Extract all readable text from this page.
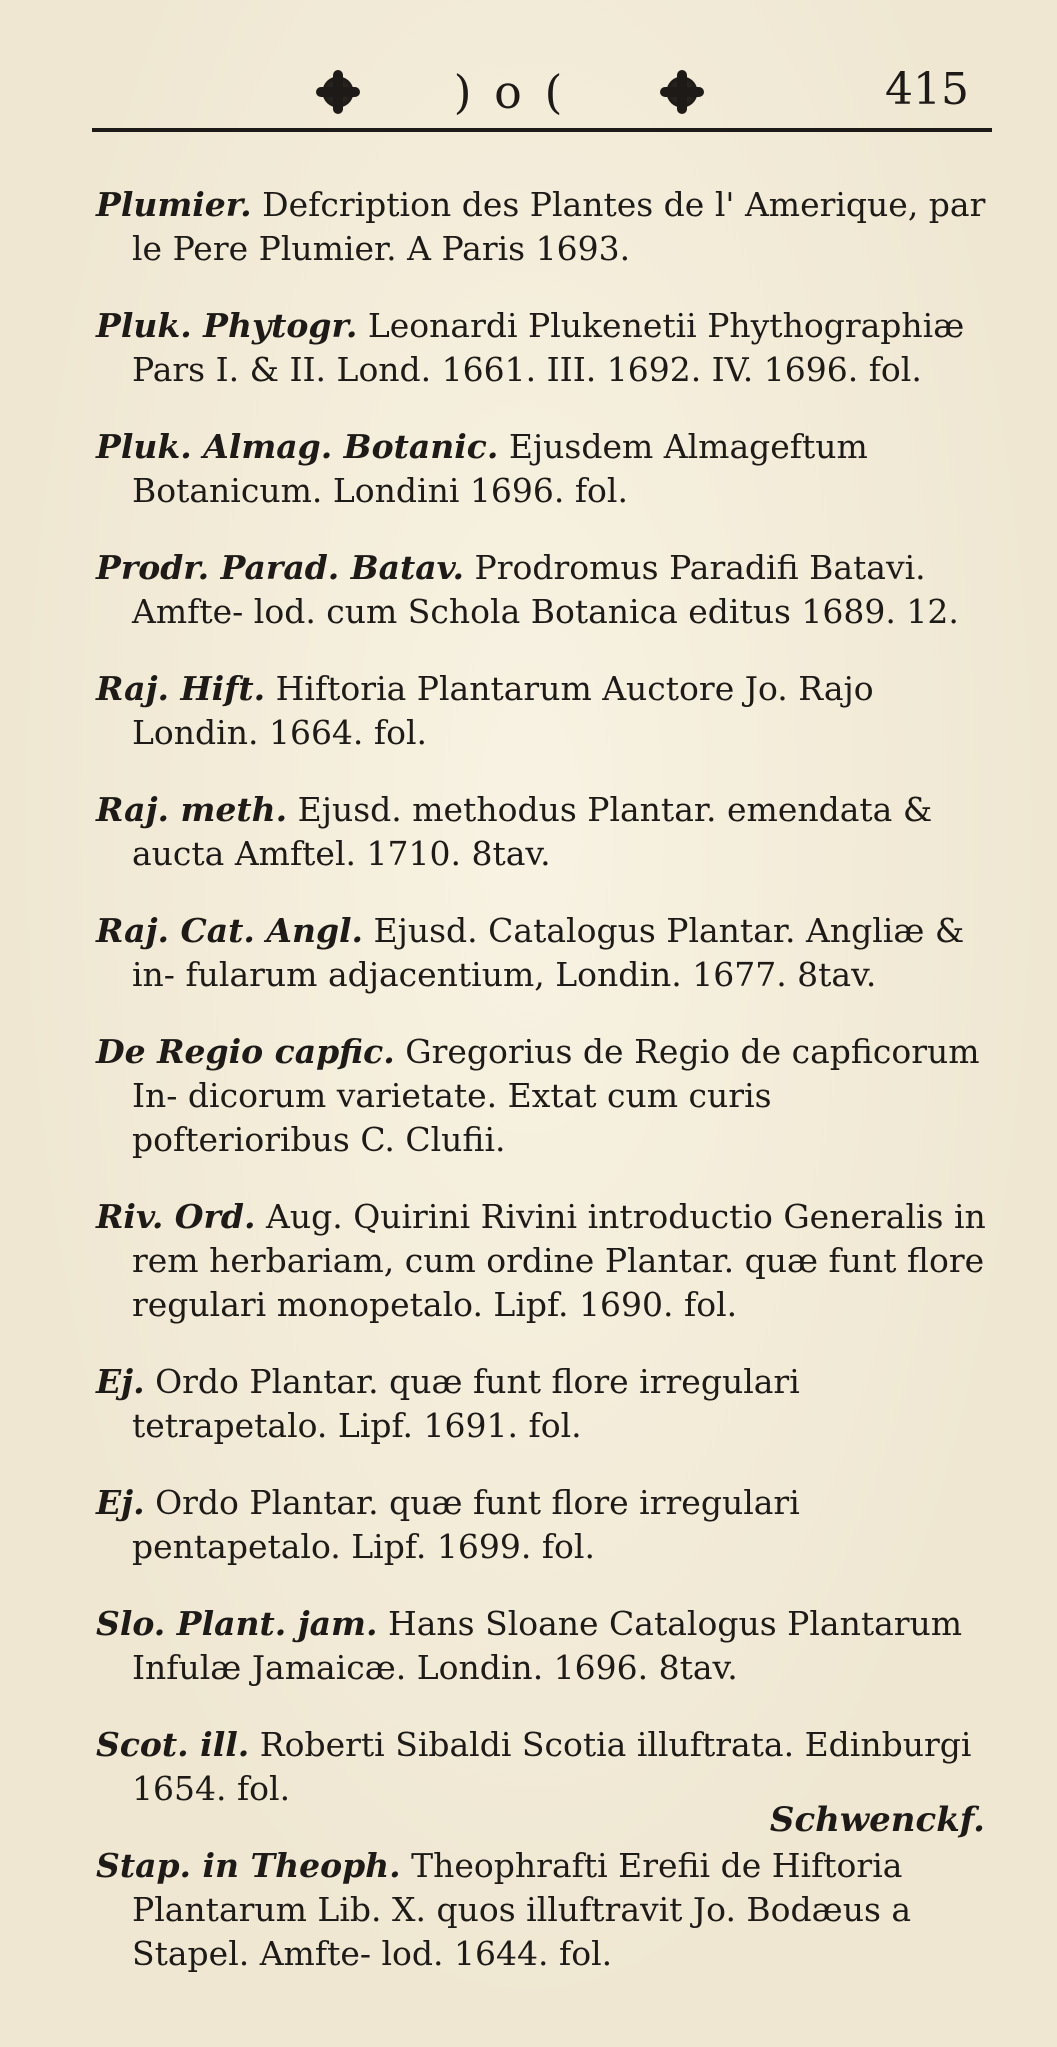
) o (	415

Plumier. Defcription des Plantes de l' Amerique, par le Pere Plumier. A Paris 1693.

Pluk. Phytogr. Leonardi Plukenetii Phythographiæ Pars I. & II. Lond. 1661. III. 1692. IV. 1696. fol.

Pluk. Almag. Botanic. Ejusdem Almageftum Botanicum. Londini 1696. fol.

Prodr. Parad. Batav. Prodromus Paradifi Batavi. Amfte- lod. cum Schola Botanica editus 1689. 12.

Raj. Hift. Hiftoria Plantarum Auctore Jo. Rajo Londin. 1664. fol.

Raj. meth. Ejusd. methodus Plantar. emendata & aucta Amftel. 1710. 8tav.

Raj. Cat. Angl. Ejusd. Catalogus Plantar. Angliæ & in- fularum adjacentium, Londin. 1677. 8tav.

De Regio capfic. Gregorius de Regio de capficorum In- dicorum varietate. Extat cum curis pofterioribus C. Clufii.

Riv. Ord. Aug. Quirini Rivini introductio Generalis in rem herbariam, cum ordine Plantar. quæ funt flore regulari monopetalo. Lipf. 1690. fol.

Ej. Ordo Plantar. quæ funt flore irregulari tetrapetalo. Lipf. 1691. fol.

Ej. Ordo Plantar. quæ funt flore irregulari pentapetalo. Lipf. 1699. fol.

Slo. Plant. jam. Hans Sloane Catalogus Plantarum Infulæ Jamaicæ. Londin. 1696. 8tav.

Scot. ill. Roberti Sibaldi Scotia illuftrata. Edinburgi 1654. fol.

Stap. in Theoph. Theophrafti Erefii de Hiftoria Plantarum Lib. X. quos illuftravit Jo. Bodæus a Stapel. Amfte- lod. 1644. fol.

Schwenckf.
